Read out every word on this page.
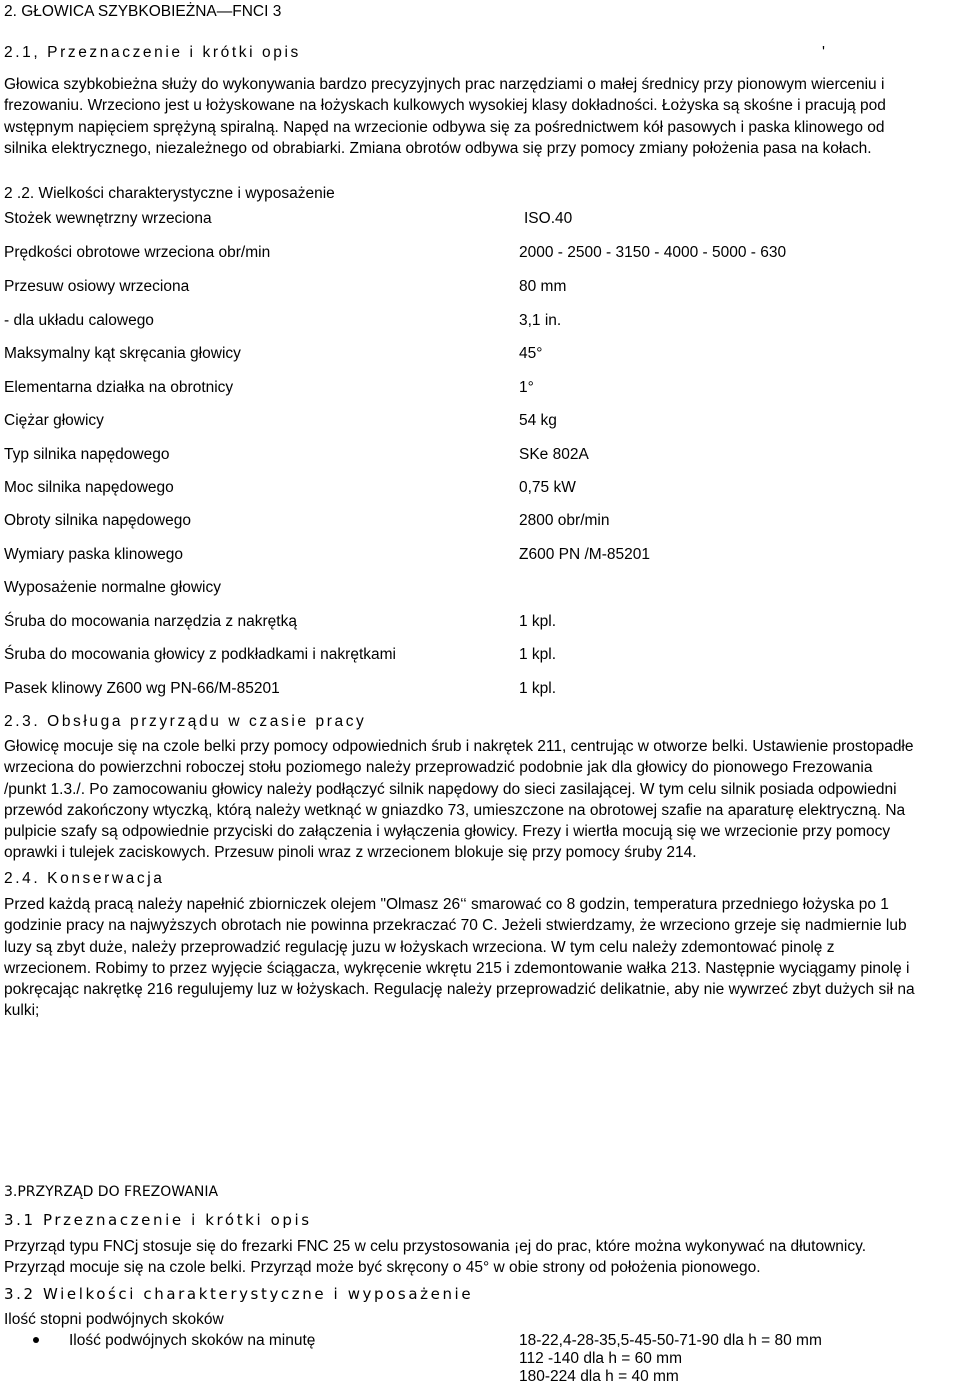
2. GŁOWICA SZYBKOBIEŻNA—FNCI 3
2.1, Przeznaczenie i krótki opis	'
Głowica szybkobieżna służy do wykonywania bardzo precyzyjnych prac narzędziami o małej średnicy przy pionowym wierceniu i
frezowaniu. Wrzeciono jest u łożyskowane na łożyskach kulkowych wysokiej klasy dokładności. Łożyska są skośne i pracują pod
wstępnym napięciem sprężyną spiralną. Napęd na wrzecionie odbywa się za pośrednictwem kół pasowych i paska klinowego od
silnika elektrycznego, niezależnego od obrabiarki. Zmiana obrotów odbywa się przy pomocy zmiany położenia pasa na kołach.
2 .2. Wielkości charakterystyczne i wyposażenie
Stożek wewnętrzny wrzeciona	ISO.40
Prędkości obrotowe wrzeciona obr/min	2000 - 2500 - 3150 - 4000 - 5000 - 630
Przesuw osiowy wrzeciona	80 mm
- dla układu calowego	3,1 in.
Maksymalny kąt skręcania głowicy	45°
Elementarna działka na obrotnicy	1°
Ciężar głowicy	54 kg
Typ silnika napędowego	SKe 802A
Moc silnika napędowego	0,75 kW
Obroty silnika napędowego	2800 obr/min
Wymiary paska klinowego	Z600 PN /M-85201
Wyposażenie normalne głowicy
Śruba do mocowania narzędzia z nakrętką	1 kpl.
Śruba do mocowania głowicy z podkładkami i nakrętkami	1 kpl.
Pasek klinowy Z600 wg PN-66/M-85201	1 kpl.
2.3. Obsługa przyrządu w czasie pracy
Głowicę mocuje się na czole belki przy pomocy odpowiednich śrub i nakrętek 211, centrując w otworze belki. Ustawienie prostopadłe
wrzeciona do powierzchni roboczej stołu poziomego należy przeprowadzić podobnie jak dla głowicy do pionowego Frezowania
/punkt 1.3./. Po zamocowaniu głowicy należy podłączyć silnik napędowy do sieci zasilającej. W tym celu silnik posiada odpowiedni
przewód zakończony wtyczką, którą należy wetknąć w gniazdko 73, umieszczone na obrotowej szafie na aparaturę elektryczną. Na
pulpicie szafy są odpowiednie przyciski do załączenia i wyłączenia głowicy. Frezy i wiertła mocują się we wrzecionie przy pomocy
oprawki i tulejek zaciskowych. Przesuw pinoli wraz z wrzecionem blokuje się przy pomocy śruby 214.
2.4. Konserwacja
Przed każdą pracą należy napełnić zbiorniczek olejem "Olmasz 26‘‘ smarować co 8 godzin, temperatura przedniego łożyska po 1
godzinie pracy na najwyższych obrotach nie powinna przekraczać 70 C. Jeżeli stwierdzamy, że wrzeciono grzeje się nadmiernie lub
luzy są zbyt duże, należy przeprowadzić regulację juzu w łożyskach wrzeciona. W tym celu należy zdemontować pinolę z
wrzecionem. Robimy to przez wyjęcie ściągacza, wykręcenie wkrętu 215 i zdemontowanie wałka 213. Następnie wyciągamy pinolę i
pokręcając nakrętkę 216 regulujemy luz w łożyskach. Regulację należy przeprowadzić delikatnie, aby nie wywrzeć zbyt dużych sił na
kulki;
3.PRZYRZĄD DO FREZOWANIA
3.1 Przeznaczenie i krótki opis
Przyrząd typu FNCj stosuje się do frezarki FNC 25 w celu przystosowania ¡ej do prac, które można wykonywać na dłutownicy.
Przyrząd mocuje się na czole belki. Przyrząd może być skręcony o 45° w obie strony od położenia pionowego.
3.2 Wielkości charakterystyczne i wyposażenie
Ilość stopni podwójnych skoków
Ilość podwójnych skoków na minutę	18-22,4-28-35,5-45-50-71-90 dla h = 80 mm
112 -140 dla h = 60 mm
180-224 dla h = 40 mm
